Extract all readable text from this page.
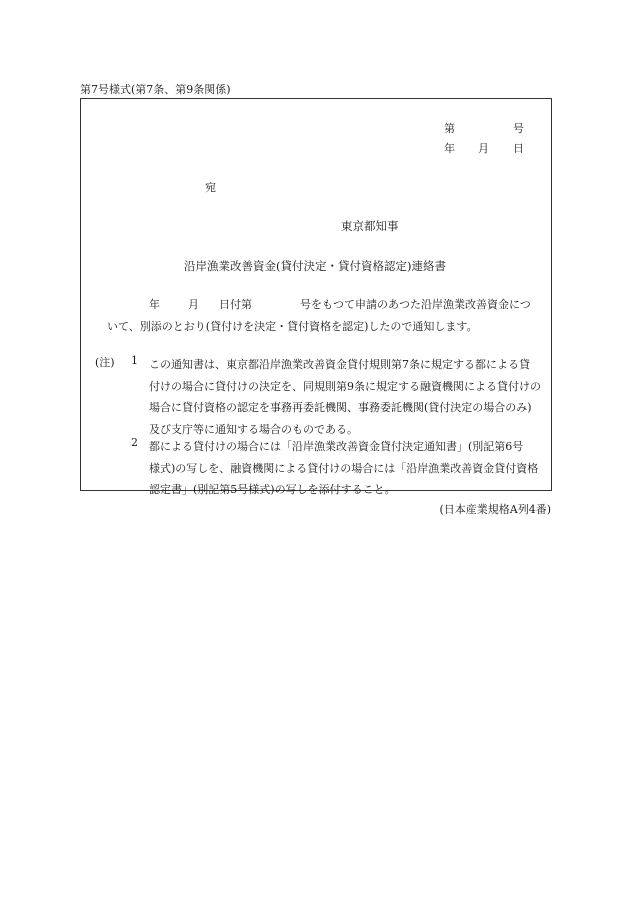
第7号様式(第7条、第9条関係)
第	号
年 月 日
宛
東京都知事
沿岸漁業改善資金(貸付決定・貸付資格認定)連絡書
年	月 日付第	号をもつて申請のあつた沿岸漁業改善資金につ
いて、別添のとおり(貸付けを決定・貸付資格を認定)したので通知します。
(注) 1 この通知書は、東京都沿岸漁業改善資金貸付規則第7条に規定する都による貸
付けの場合に貸付けの決定を、同規則第9条に規定する融資機関による貸付けの
場合に貸付資格の認定を事務再委託機関、事務委託機関(貸付決定の場合のみ)
及び支庁等に通知する場合のものである。
2 都による貸付けの場合には「沿岸漁業改善資金貸付決定通知書」(別記第6号
様式)の写しを、融資機関による貸付けの場合には「沿岸漁業改善資金貸付資格
認定書」(別記第5号様式)の写しを添付すること。
(日本産業規格A列4番)
